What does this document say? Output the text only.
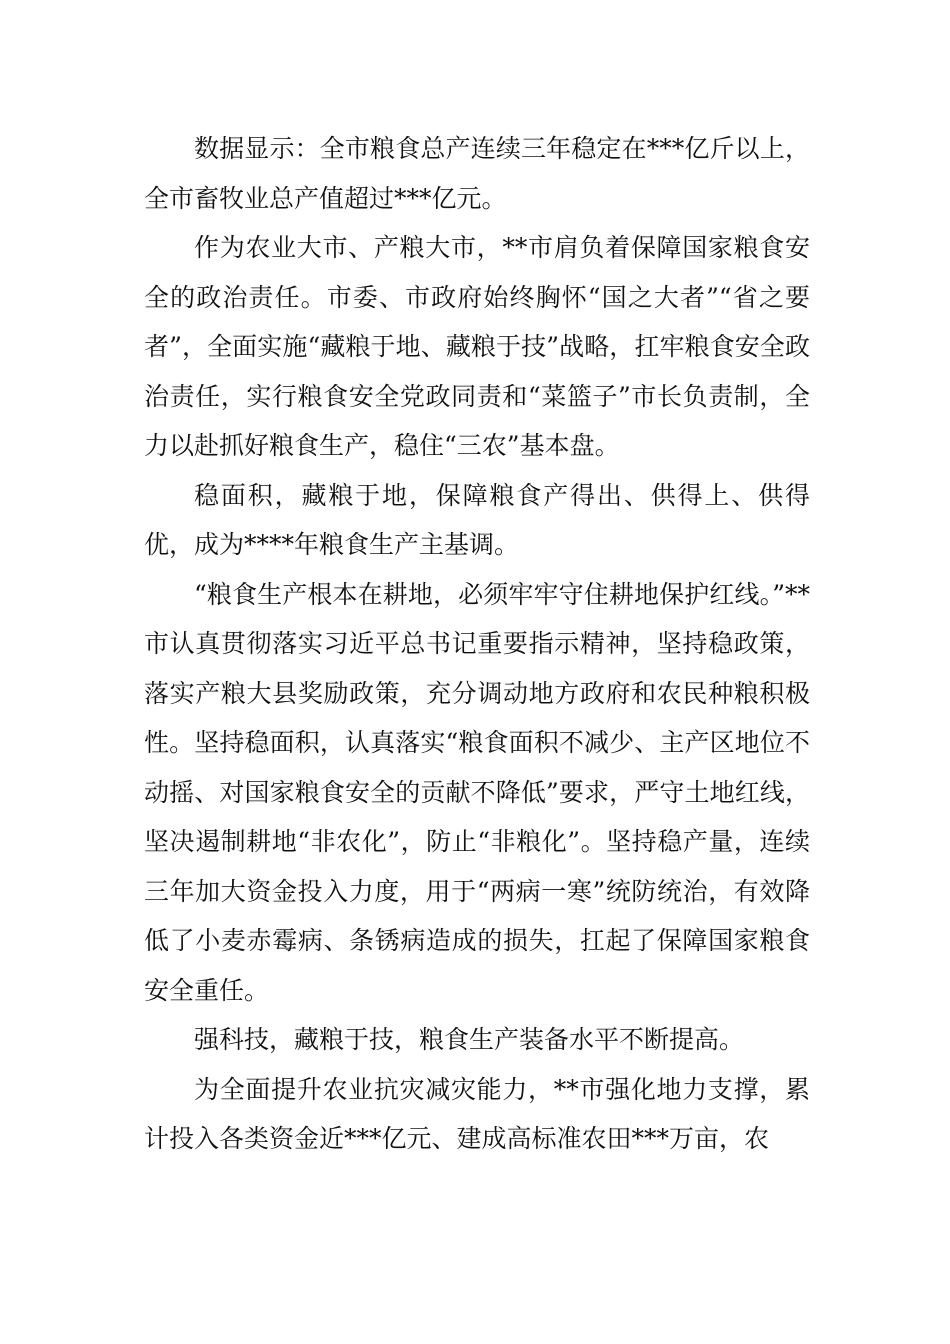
数据显示：全市粮食总产连续三年稳定在***亿斤以上，全市畜牧业总产值超过***亿元。

作为农业大市、产粮大市，**市肩负着保障国家粮食安全的政治责任。市委、市政府始终胸怀“国之大者”“省之要者”，全面实施“藏粮于地、藏粮于技”战略，扛牢粮食安全政治责任，实行粮食安全党政同责和“菜篮子”市长负责制，全力以赴抓好粮食生产，稳住“三农”基本盘。

稳面积，藏粮于地，保障粮食产得出、供得上、供得优，成为****年粮食生产主基调。

“粮食生产根本在耕地，必须牢牢守住耕地保护红线。”**市认真贯彻落实习近平总书记重要指示精神，坚持稳政策，落实产粮大县奖励政策，充分调动地方政府和农民种粮积极性。坚持稳面积，认真落实“粮食面积不减少、主产区地位不动摇、对国家粮食安全的贡献不降低”要求，严守土地红线，坚决遏制耕地“非农化”，防止“非粮化”。坚持稳产量，连续三年加大资金投入力度，用于“两病一寒”统防统治，有效降低了小麦赤霉病、条锈病造成的损失，扛起了保障国家粮食安全重任。

强科技，藏粮于技，粮食生产装备水平不断提高。

为全面提升农业抗灾减灾能力，**市强化地力支撑，累计投入各类资金近***亿元、建成高标准农田***万亩，农
